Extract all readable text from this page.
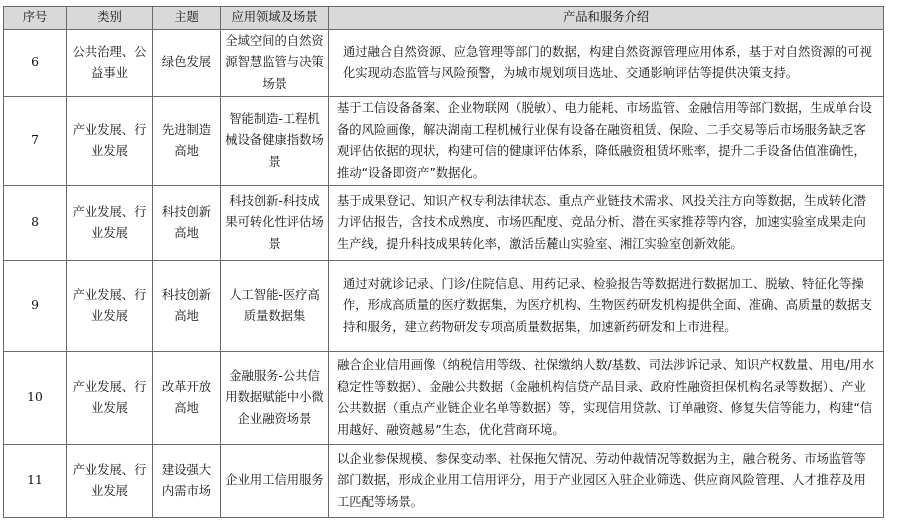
序号	类别	主题	应用领域及场景	产品和服务介绍
6	公共治理、公益事业	绿色发展	全域空间的自然资源智慧监管与决策场景	通过融合自然资源、应急管理等部门的数据，构建自然资源管理应用体系，基于对自然资源的可视化实现动态监管与风险预警，为城市规划项目选址、交通影响评估等提供决策支持。
7	产业发展、行业发展	先进制造高地	智能制造-工程机械设备健康指数场景	基于工信设备备案、企业物联网（脱敏）、电力能耗、市场监管、金融信用等部门数据，生成单台设备的风险画像，解决湖南工程机械行业保有设备在融资租赁、保险、二手交易等后市场服务缺乏客观评估依据的现状，构建可信的健康评估体系，降低融资租赁坏账率，提升二手设备估值准确性，推动“设备即资产”数据化。
8	产业发展、行业发展	科技创新高地	科技创新-科技成果可转化性评估场景	基于成果登记、知识产权专利法律状态、重点产业链技术需求、风投关注方向等数据，生成转化潜力评估报告，含技术成熟度、市场匹配度、竞品分析、潜在买家推荐等内容，加速实验室成果走向生产线，提升科技成果转化率，激活岳麓山实验室、湘江实验室创新效能。
9	产业发展、行业发展	科技创新高地	人工智能-医疗高质量数据集	通过对就诊记录、门诊/住院信息、用药记录、检验报告等数据进行数据加工、脱敏、特征化等操作，形成高质量的医疗数据集，为医疗机构、生物医药研发机构提供全面、准确、高质量的数据支持和服务，建立药物研发专项高质量数据集，加速新药研发和上市进程。
10	产业发展、行业发展	改革开放高地	金融服务-公共信用数据赋能中小微企业融资场景	融合企业信用画像（纳税信用等级、社保缴纳人数/基数、司法涉诉记录、知识产权数量、用电/用水稳定性等数据）、金融公共数据（金融机构信贷产品目录、政府性融资担保机构名录等数据）、产业公共数据（重点产业链企业名单等数据）等，实现信用贷款、订单融资、修复失信等能力，构建“信用越好、融资越易”生态，优化营商环境。
11	产业发展、行业发展	建设强大内需市场	企业用工信用服务	以企业参保规模、参保变动率、社保拖欠情况、劳动仲裁情况等数据为主，融合税务、市场监管等部门数据，形成企业用工信用评分，用于产业园区入驻企业筛选、供应商风险管理、人才推荐及用工匹配等场景。
